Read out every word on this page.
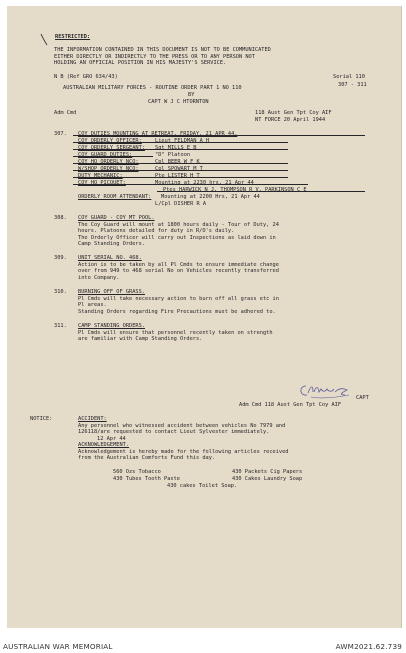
RESTRICTED:
THE INFORMATION CONTAINED IN THIS DOCUMENT IS NOT TO BE COMMUNICATED
EITHER DIRECTLY OR INDIRECTLY TO THE PRESS OR TO ANY PERSON NOT
HOLDING AN OFFICIAL POSITION IN HIS MAJESTY'S SERVICE.
N B (Ref GRO 634/43)	Serial 110
AUSTRALIAN MILITARY FORCES - ROUTINE ORDER PART 1 NO 110	307 - 311
BY
CAPT W J C HTORNTON
Adm Cmd	118 Aust Gen Tpt Coy AIF
NT FORCE 20 April 1944
307. COY DUTIES MOUNTING AT RETREAT, FRIDAY, 21 APR 44.
COY ORDERLY OFFICER: Lieut FELDMAN A H
COY ORDERLY SERGEANT: Sgt MILLS E B
COY GUARD DUTIES:	"D" Platoon
COY HQ ORDERLY NCO:	Cpl BEER W F K
W/SHOP ORDERLY NCO:	Cpl SPOWART M T
DUTY MECHANIC:	Pte LISTER H T
COY HQ PICQUET:	Mounting at 2230 hrs, 21 Apr 44
Ptes HARWICK N J, THOMPSON R V, PARKINSON C E
ORDERLY ROOM ATTENDANT: Mounting at 2200 Hrs, 21 Apr 44
L/Cpl DISHER R A
308. COY GUARD - COY MT POOL.
The Coy Guard will mount at 1800 hours daily - Tour of Duty, 24
hours. Platoons detailed for duty in R/O's daily.
The Orderly Officer will carry out Inspections as laid down in
Camp Standing Orders.
309. UNIT SERIAL NO. 468.
Action is to be taken by all Pl Cmds to ensure immediate change
over from 949 to 468 serial No on Vehicles recently transferred
into Company.
310. BURNING OFF OF GRASS.
Pl Cmds will take necessary action to burn off all grass etc in
Pl areas.
Standing Orders regarding Fire Precautions must be adhered to.
311. CAMP STANDING ORDERS.
Pl Cmds will ensure that personnel recently taken on strength
are familiar with Camp Standing Orders.
CAPT
Adm Cmd 118 Aust Gen Tpt Coy AIF
NOTICE:	ACCIDENT:
Any personnel who witnessed accident between vehicles No 7979 and
126118/are requested to contact Lieut Sylvester immediately.
12 Apr 44
ACKNOWLEDGEMENT.
Acknowledgement is hereby made for the following articles received
from the Australian Comforts Fund this day.
560 Ozs Tobacco	430 Packets Cig Papers
430 Tubes Tooth Paste	430 Cakes Laundry Soap
430 cakes Toilet Soap.
AUSTRALIAN WAR MEMORIAL	AWM2021.62.739
